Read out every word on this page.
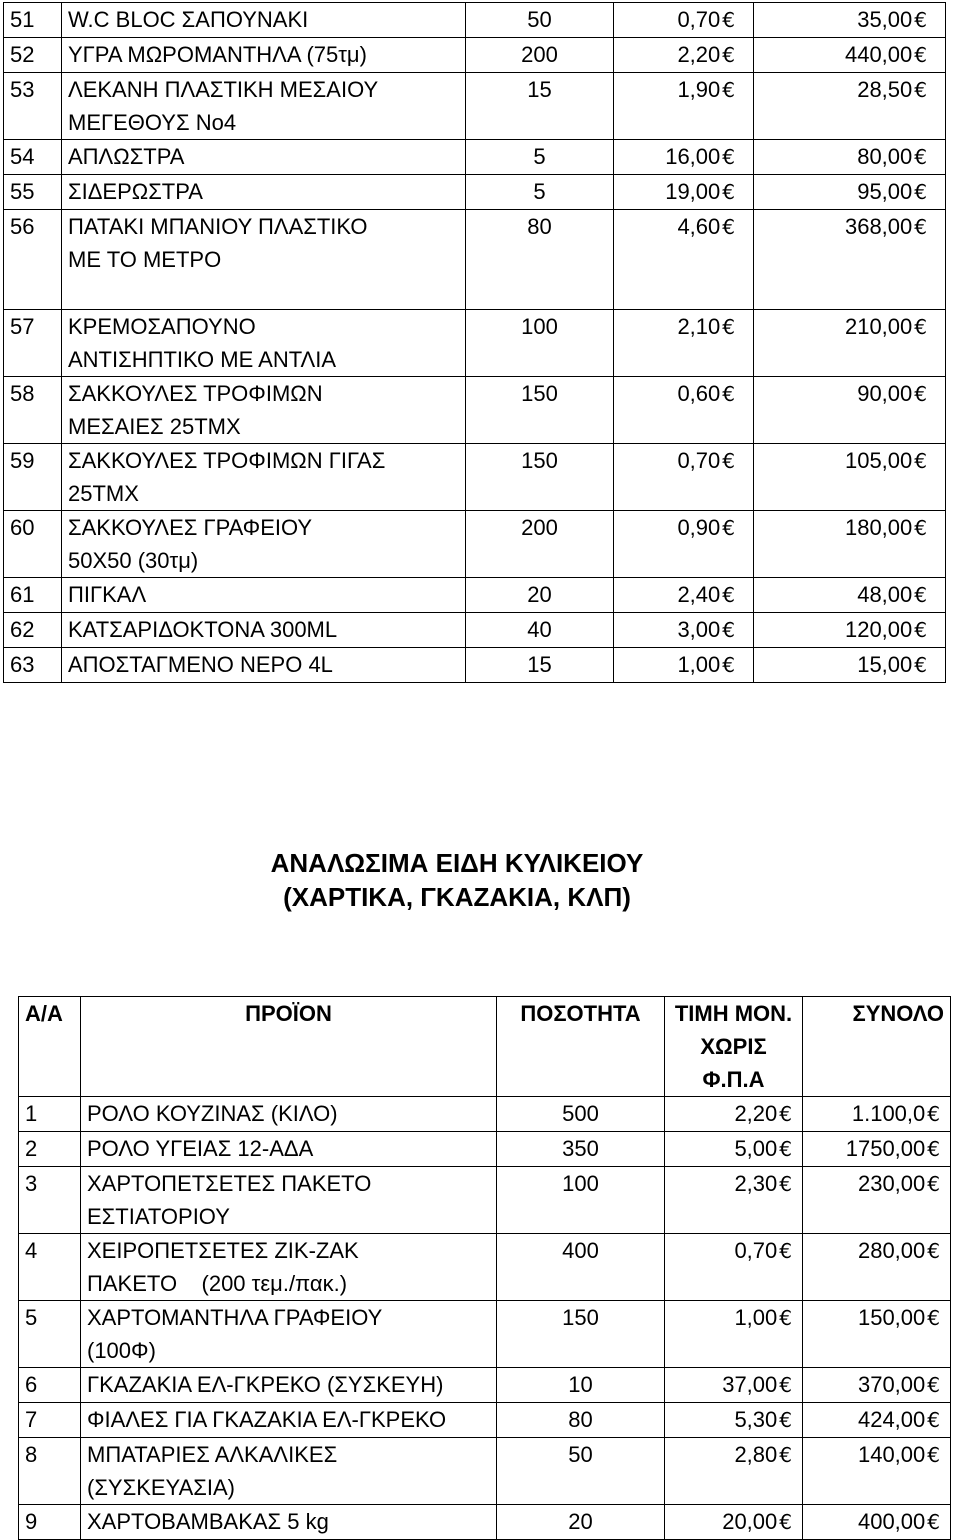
51	W.C BLOC ΣΑΠΟΥΝΑΚΙ	50	0,70 €	35,00 €
52	ΥΓΡΑ ΜΩΡΟΜΑΝΤΗΛΑ (75τμ)	200	2,20 €	440,00 €
53	ΛΕΚΑΝΗ ΠΛΑΣΤΙΚΗ ΜΕΣΑΙΟΥ
ΜΕΓΕΘΟΥΣ Νο4	15	1,90 €	28,50 €
54	ΑΠΛΩΣΤΡΑ	5	16,00 €	80,00 €
55	ΣΙΔΕΡΩΣΤΡΑ	5	19,00 €	95,00 €
56	ΠΑΤΑΚΙ ΜΠΑΝΙΟΥ ΠΛΑΣΤΙΚΟ
ΜΕ ΤΟ ΜΕΤΡΟ	80	4,60 €	368,00 €
57	ΚΡΕΜΟΣΑΠΟΥΝΟ
ΑΝΤΙΣΗΠΤΙΚΟ ΜΕ ΑΝΤΛΙΑ	100	2,10 €	210,00 €
58	ΣΑΚΚΟΥΛΕΣ ΤΡΟΦΙΜΩΝ
ΜΕΣΑΙΕΣ 25ΤΜΧ	150	0,60 €	90,00 €
59	ΣΑΚΚΟΥΛΕΣ ΤΡΟΦΙΜΩΝ ΓΙΓΑΣ
25ΤΜΧ	150	0,70 €	105,00 €
60	ΣΑΚΚΟΥΛΕΣ ΓΡΑΦΕΙΟΥ
50Χ50 (30τμ)	200	0,90 €	180,00 €
61	ΠΙΓΚΑΛ	20	2,40 €	48,00 €
62	ΚΑΤΣΑΡΙΔΟΚΤΟΝΑ 300ML	40	3,00 €	120,00 €
63	ΑΠΟΣΤΑΓΜΕΝΟ ΝΕΡΟ 4L	15	1,00 €	15,00 €
ΑΝΑΛΩΣΙΜΑ ΕΙΔΗ ΚΥΛΙΚΕΙΟΥ
(ΧΑΡΤΙΚΑ, ΓΚΑΖΑΚΙΑ, ΚΛΠ)
Α/Α	ΠΡΟΪΟΝ	ΠΟΣΟΤΗΤΑ	ΤΙΜΗ ΜΟΝ.
ΧΩΡΙΣ Φ.Π.Α	ΣΥΝΟΛΟ
1	ΡΟΛΟ ΚΟΥΖΙΝΑΣ (ΚΙΛΟ)	500	2,20 €	1.100,0 €
2	ΡΟΛΟ ΥΓΕΙΑΣ 12-ΑΔΑ	350	5,00 €	1750,00 €
3	ΧΑΡΤΟΠΕΤΣΕΤΕΣ ΠΑΚΕΤΟ
ΕΣΤΙΑΤΟΡΙΟΥ	100	2,30 €	230,00 €
4	ΧΕΙΡΟΠΕΤΣΕΤΕΣ ΖΙΚ-ΖΑΚ
ΠΑΚΕΤΟ    (200 τεμ./πακ.)	400	0,70 €	280,00 €
5	ΧΑΡΤΟΜΑΝΤΗΛΑ ΓΡΑΦΕΙΟΥ
(100Φ)	150	1,00 €	150,00 €
6	ΓΚΑΖΑΚΙΑ ΕΛ-ΓΚΡΕΚΟ (ΣΥΣΚΕΥΗ)	10	37,00 €	370,00 €
7	ΦΙΑΛΕΣ ΓΙΑ ΓΚΑΖΑΚΙΑ ΕΛ-ΓΚΡΕΚΟ	80	5,30 €	424,00 €
8	ΜΠΑΤΑΡΙΕΣ ΑΛΚΑΛΙΚΕΣ
(ΣΥΣΚΕΥΑΣΙΑ)	50	2,80 €	140,00 €
9	ΧΑΡΤΟΒΑΜΒΑΚΑΣ 5 kg	20	20,00 €	400,00 €
